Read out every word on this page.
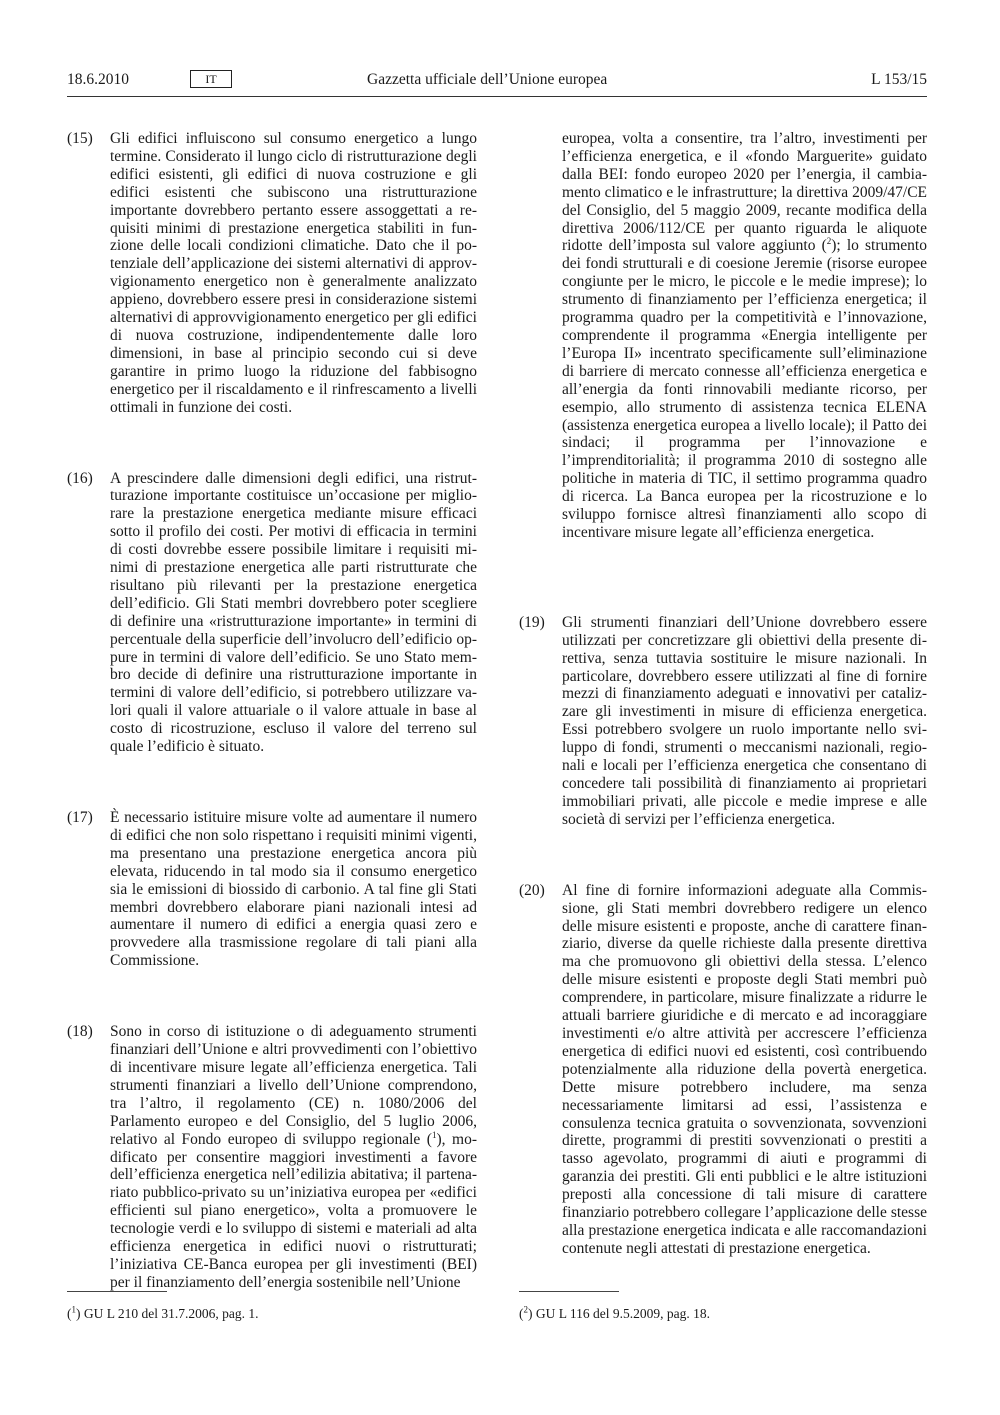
18.6.2010	IT	Gazzetta ufficiale dell’Unione europea	L 153/15
(15) Gli edifici influiscono sul consumo energetico a lungo termine. Considerato il lungo ciclo di ristrutturazione degli edifici esistenti, gli edifici di nuova costruzione e gli edifici esistenti che subiscono una ristrutturazione importante dovrebbero pertanto essere assoggettati a requisiti minimi di prestazione energetica stabiliti in funzione delle locali condizioni climatiche. Dato che il potenziale dell’applicazione dei sistemi alternativi di approvvigionamento energetico non è generalmente analizzato appieno, dovrebbero essere presi in considerazione sistemi alternativi di approvvigionamento energetico per gli edifici di nuova costruzione, indipendentemente dalle loro dimensioni, in base al principio secondo cui si deve garantire in primo luogo la riduzione del fabbisogno energetico per il riscaldamento e il rinfrescamento a livelli ottimali in funzione dei costi.
(16) A prescindere dalle dimensioni degli edifici, una ristrutturazione importante costituisce un’occasione per migliorare la prestazione energetica mediante misure efficaci sotto il profilo dei costi. Per motivi di efficacia in termini di costi dovrebbe essere possibile limitare i requisiti minimi di prestazione energetica alle parti ristrutturate che risultano più rilevanti per la prestazione energetica dell’edificio. Gli Stati membri dovrebbero poter scegliere di definire una «ristrutturazione importante» in termini di percentuale della superficie dell’involucro dell’edificio oppure in termini di valore dell’edificio. Se uno Stato membro decide di definire una ristrutturazione importante in termini di valore dell’edificio, si potrebbero utilizzare valori quali il valore attuariale o il valore attuale in base al costo di ricostruzione, escluso il valore del terreno sul quale l’edificio è situato.
(17) È necessario istituire misure volte ad aumentare il numero di edifici che non solo rispettano i requisiti minimi vigenti, ma presentano una prestazione energetica ancora più elevata, riducendo in tal modo sia il consumo energetico sia le emissioni di biossido di carbonio. A tal fine gli Stati membri dovrebbero elaborare piani nazionali intesi ad aumentare il numero di edifici a energia quasi zero e provvedere alla trasmissione regolare di tali piani alla Commissione.
(18) Sono in corso di istituzione o di adeguamento strumenti finanziari dell’Unione e altri provvedimenti con l’obiettivo di incentivare misure legate all’efficienza energetica. Tali strumenti finanziari a livello dell’Unione comprendono, tra l’altro, il regolamento (CE) n. 1080/2006 del Parlamento europeo e del Consiglio, del 5 luglio 2006, relativo al Fondo europeo di sviluppo regionale ($^1$), modificato per consentire maggiori investimenti a favore dell’efficienza energetica nell’edilizia abitativa; il partenariato pubblico-privato su un’iniziativa europea per «edifici efficienti sul piano energetico», volta a promuovere le tecnologie verdi e lo sviluppo di sistemi e materiali ad alta efficienza energetica in edifici nuovi o ristrutturati; l’iniziativa CE-Banca europea per gli investimenti (BEI) per il finanziamento dell’energia sostenibile nell’Unione
europea, volta a consentire, tra l’altro, investimenti per l’efficienza energetica, e il «fondo Marguerite» guidato dalla BEI: fondo europeo 2020 per l’energia, il cambiamento climatico e le infrastrutture; la direttiva 2009/47/CE del Consiglio, del 5 maggio 2009, recante modifica della direttiva 2006/112/CE per quanto riguarda le aliquote ridotte dell’imposta sul valore aggiunto ($^2$); lo strumento dei fondi strutturali e di coesione Jeremie (risorse europee congiunte per le micro, le piccole e le medie imprese); lo strumento di finanziamento per l’efficienza energetica; il programma quadro per la competitività e l’innovazione, comprendente il programma «Energia intelligente per l’Europa II» incentrato specificamente sull’eliminazione di barriere di mercato connesse all’efficienza energetica e all’energia da fonti rinnovabili mediante ricorso, per esempio, allo strumento di assistenza tecnica ELENA (assistenza energetica europea a livello locale); il Patto dei sindaci; il programma per l’innovazione e l’imprenditorialità; il programma 2010 di sostegno alle politiche in materia di TIC, il settimo programma quadro di ricerca. La Banca europea per la ricostruzione e lo sviluppo fornisce altresì finanziamenti allo scopo di incentivare misure legate all’efficienza energetica.
(19) Gli strumenti finanziari dell’Unione dovrebbero essere utilizzati per concretizzare gli obiettivi della presente direttiva, senza tuttavia sostituire le misure nazionali. In particolare, dovrebbero essere utilizzati al fine di fornire mezzi di finanziamento adeguati e innovativi per catalizzare gli investimenti in misure di efficienza energetica. Essi potrebbero svolgere un ruolo importante nello sviluppo di fondi, strumenti o meccanismi nazionali, regionali e locali per l’efficienza energetica che consentano di concedere tali possibilità di finanziamento ai proprietari immobiliari privati, alle piccole e medie imprese e alle società di servizi per l’efficienza energetica.
(20) Al fine di fornire informazioni adeguate alla Commissione, gli Stati membri dovrebbero redigere un elenco delle misure esistenti e proposte, anche di carattere finanziario, diverse da quelle richieste dalla presente direttiva ma che promuovono gli obiettivi della stessa. L’elenco delle misure esistenti e proposte degli Stati membri può comprendere, in particolare, misure finalizzate a ridurre le attuali barriere giuridiche e di mercato e ad incoraggiare investimenti e/o altre attività per accrescere l’efficienza energetica di edifici nuovi ed esistenti, così contribuendo potenzialmente alla riduzione della povertà energetica. Dette misure potrebbero includere, ma senza necessariamente limitarsi ad essi, l’assistenza e consulenza tecnica gratuita o sovvenzionata, sovvenzioni dirette, programmi di prestiti sovvenzionati o prestiti a tasso agevolato, programmi di aiuti e programmi di garanzia dei prestiti. Gli enti pubblici e le altre istituzioni preposti alla concessione di tali misure di carattere finanziario potrebbero collegare l’applicazione delle stesse alla prestazione energetica indicata e alle raccomandazioni contenute negli attestati di prestazione energetica.
($^1$) GU L 210 del 31.7.2006, pag. 1.	($^2$) GU L 116 del 9.5.2009, pag. 18.
